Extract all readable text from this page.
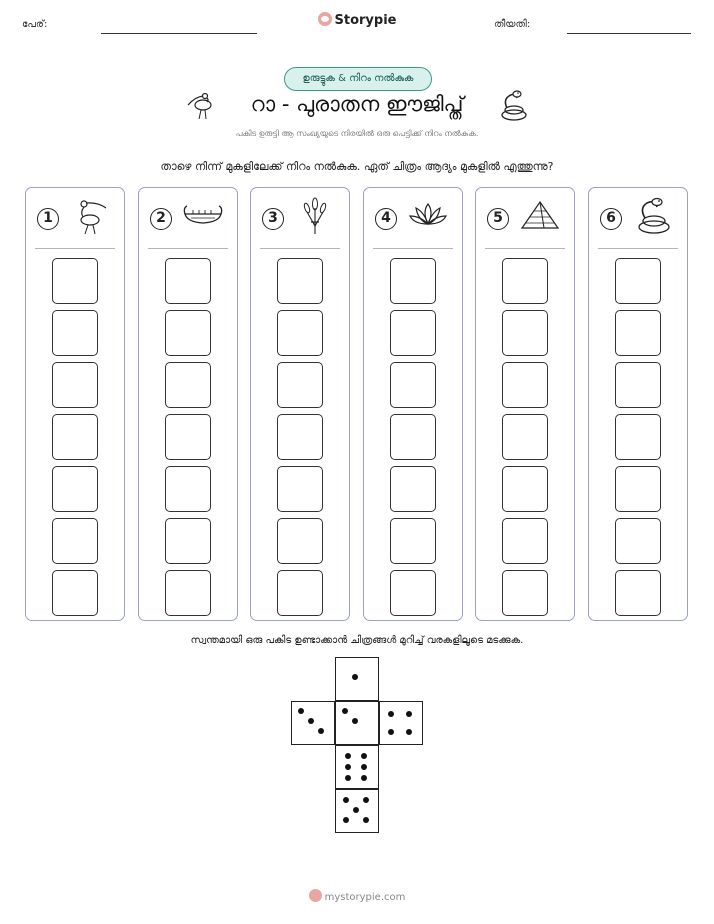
പേര്:	Storypie	തീയതി:
ഉരുട്ടുക & നിറം നൽകുക
റാ - പുരാതന ഈജിപ്ത്
പകിട ഉരുട്ടി ആ സംഖ്യയുടെ നിരയിൽ ഒരു പെട്ടിക്ക് നിറം നൽകുക.
താഴെ നിന്ന് മുകളിലേക്ക് നിറം നൽകുക. ഏത് ചിത്രം ആദ്യം മുകളിൽ എത്തുന്നു?
1	2	3	4	5	6
സ്വന്തമായി ഒരു പകിട ഉണ്ടാക്കാൻ ചിത്രങ്ങൾ മുറിച്ച് വരകളിലൂടെ മടക്കുക.
mystorypie.com
